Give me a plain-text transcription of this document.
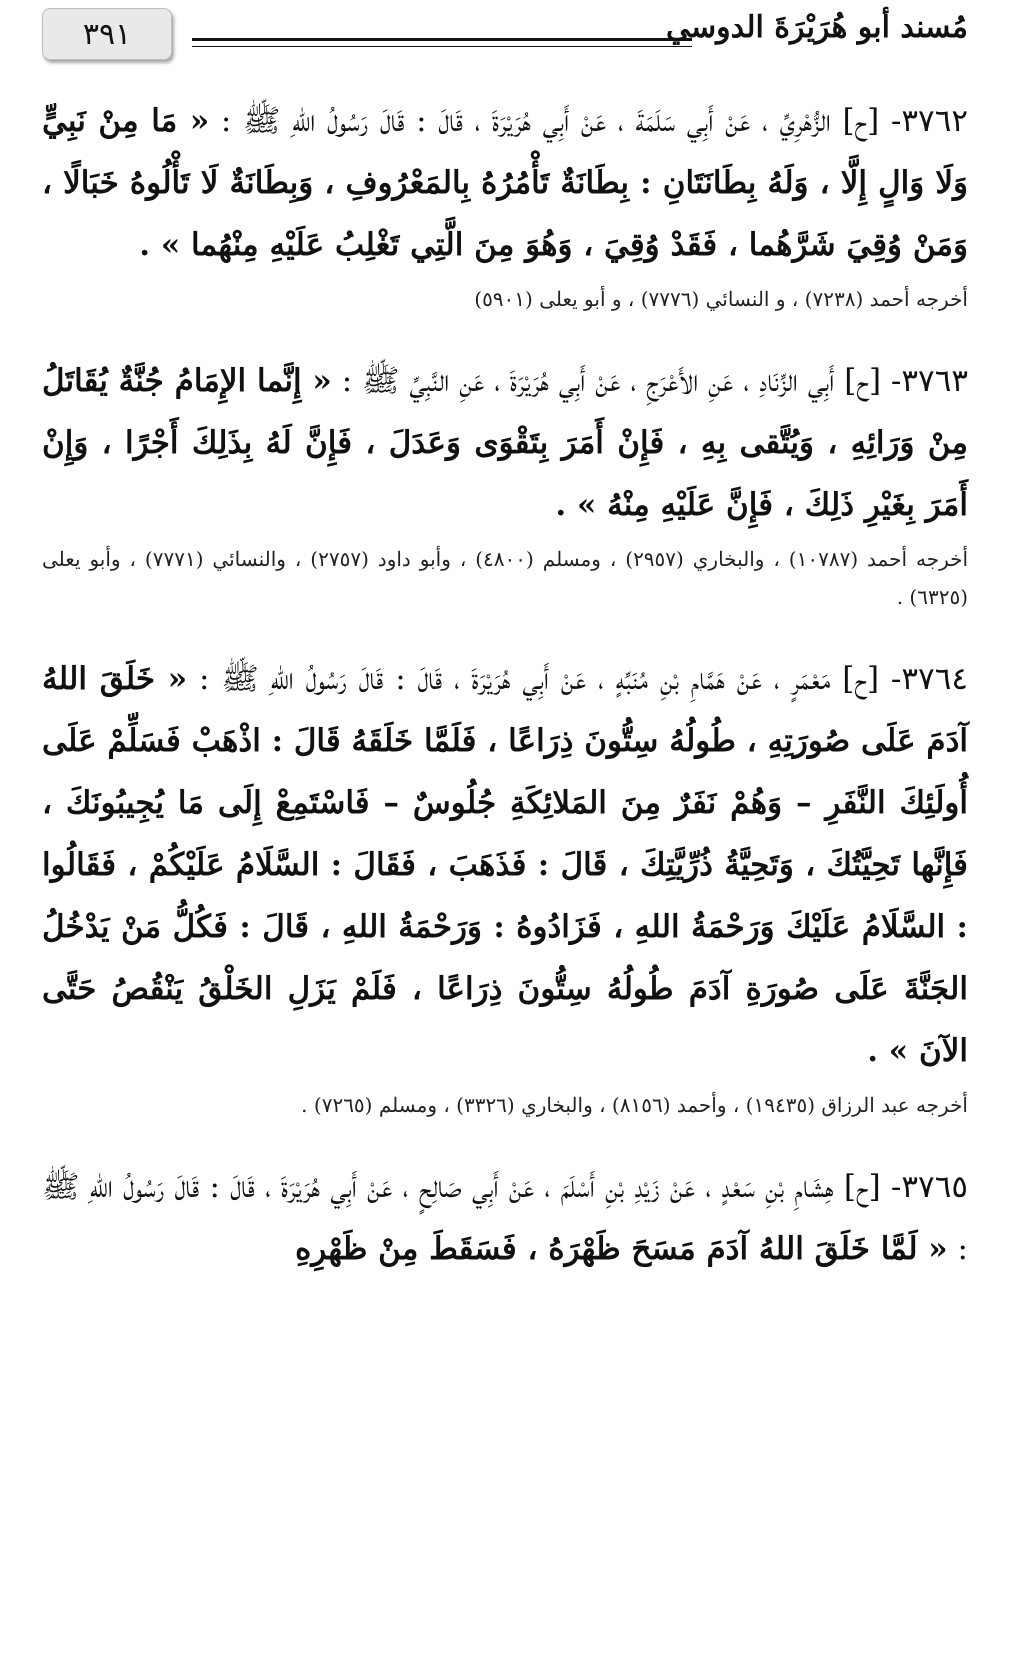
٣٩١	مُسند أبو هُرَيْرَةَ الدوسي

٣٧٦٢- [ح] الزُّهْرِيِّ ، عَنْ أَبِي سَلَمَةَ ، عَنْ أَبِي هُرَيْرَةَ ، قَالَ : قَالَ رَسُولُ اللهِ ﷺ : « مَا مِنْ نَبِيٍّ وَلَا وَالٍ إِلَّا ، وَلَهُ بِطَانَتَانِ : بِطَانَةٌ تَأْمُرُهُ بِالمَعْرُوفِ ، وَبِطَانَةٌ لَا تَأْلُوهُ خَبَالًا ، وَمَنْ وُقِيَ شَرَّهُما ، فَقَدْ وُقِيَ ، وَهُوَ مِنَ الَّتِي تَغْلِبُ عَلَيْهِ مِنْهُما » .

أخرجه أحمد (٧٢٣٨) ، و النسائي (٧٧٧٦) ، و أبو يعلى (٥٩٠١)

٣٧٦٣- [ح] أَبِي الزِّنَادِ ، عَنِ الأَعْرَجِ ، عَنْ أَبِي هُرَيْرَةَ ، عَنِ النَّبِيِّ ﷺ : « إِنَّما الإِمَامُ جُنَّةٌ يُقَاتَلُ مِنْ وَرَائِهِ ، وَيُتَّقى بِهِ ، فَإِنْ أَمَرَ بِتَقْوَى وَعَدَلَ ، فَإِنَّ لَهُ بِذَلِكَ أَجْرًا ، وَإِنْ أَمَرَ بِغَيْرِ ذَلِكَ ، فَإِنَّ عَلَيْهِ مِنْهُ » .

أخرجه أحمد (١٠٧٨٧) ، والبخاري (٢٩٥٧) ، ومسلم (٤٨٠٠) ، وأبو داود (٢٧٥٧) ، والنسائي (٧٧٧١) ، وأبو يعلى (٦٣٢٥) .

٣٧٦٤- [ح] مَعْمَرٍ ، عَنْ هَمَّامِ بْنِ مُنَبِّهٍ ، عَنْ أَبِي هُرَيْرَةَ ، قَالَ : قَالَ رَسُولُ اللهِ ﷺ : « خَلَقَ اللهُ آدَمَ عَلَى صُورَتِهِ ، طُولُهُ سِتُّونَ ذِرَاعًا ، فَلَمَّا خَلَقَهُ قَالَ : اذْهَبْ فَسَلِّمْ عَلَى أُولَئِكَ النَّفَرِ – وَهُمْ نَفَرٌ مِنَ المَلائِكَةِ جُلُوسٌ – فَاسْتَمِعْ إِلَى مَا يُجِيبُونَكَ ، فَإِنَّها تَحِيَّتُكَ ، وَتَحِيَّةُ ذُرِّيَّتِكَ ، قَالَ : فَذَهَبَ ، فَقَالَ : السَّلَامُ عَلَيْكُمْ ، فَقَالُوا : السَّلَامُ عَلَيْكَ وَرَحْمَةُ اللهِ ، فَزَادُوهُ : وَرَحْمَةُ اللهِ ، قَالَ : فَكُلُّ مَنْ يَدْخُلُ الجَنَّةَ عَلَى صُورَةِ آدَمَ طُولُهُ سِتُّونَ ذِرَاعًا ، فَلَمْ يَزَلِ الخَلْقُ يَنْقُصُ حَتَّى الآنَ » .

أخرجه عبد الرزاق (١٩٤٣٥) ، وأحمد (٨١٥٦) ، والبخاري (٣٣٢٦) ، ومسلم (٧٢٦٥) .

٣٧٦٥- [ح] هِشَامِ بْنِ سَعْدٍ ، عَنْ زَيْدِ بْنِ أَسْلَمَ ، عَنْ أَبِي صَالِحٍ ، عَنْ أَبِي هُرَيْرَةَ ، قَالَ : قَالَ رَسُولُ اللهِ ﷺ : « لَمَّا خَلَقَ اللهُ آدَمَ مَسَحَ ظَهْرَهُ ، فَسَقَطَ مِنْ ظَهْرِهِ
